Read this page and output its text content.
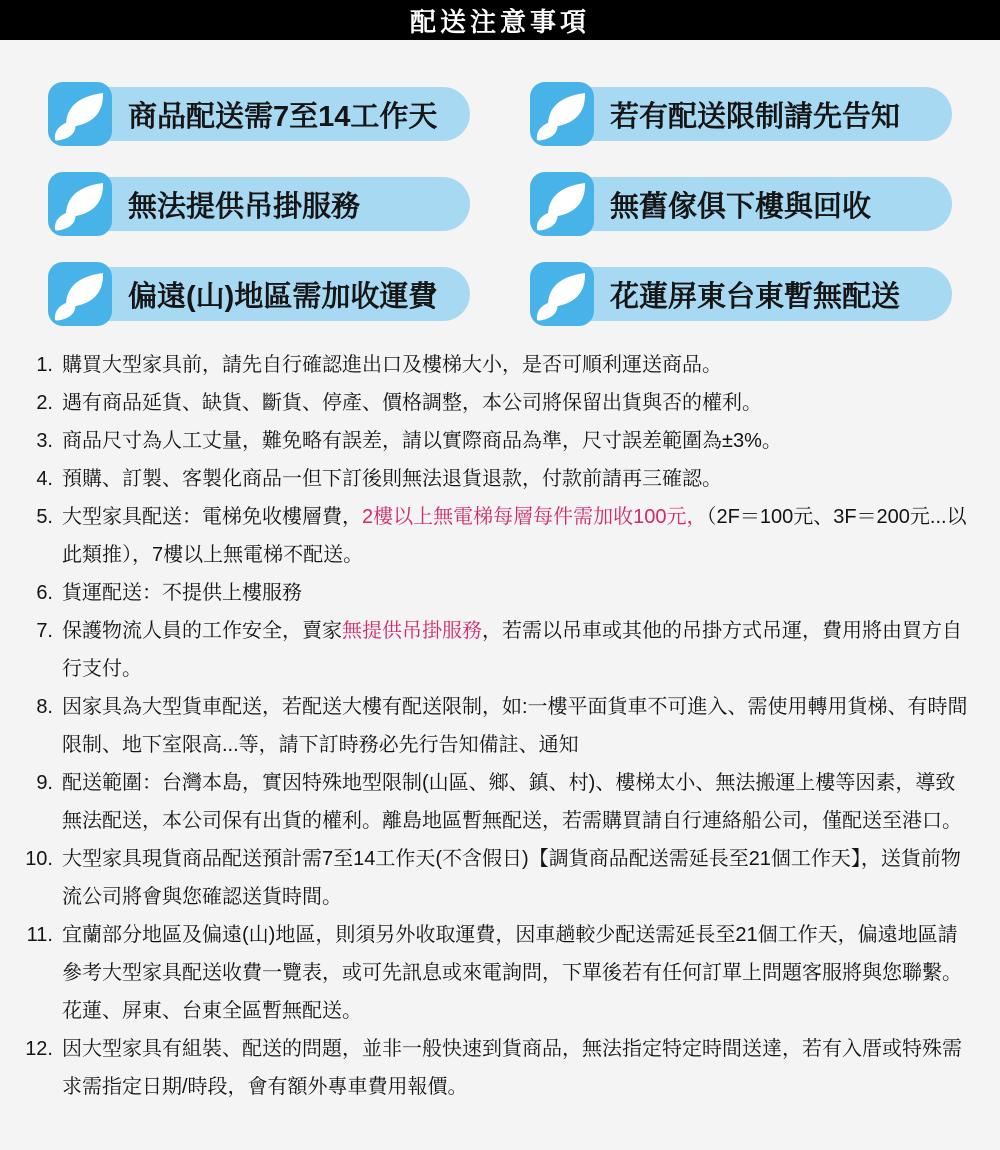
配送注意事項
商品配送需7至14工作天	若有配送限制請先告知
無法提供吊掛服務	無舊傢俱下樓與回收
偏遠(山)地區需加收運費	花蓮屏東台東暫無配送
1. 購買大型家具前，請先自行確認進出口及樓梯大小，是否可順利運送商品。
2. 遇有商品延貨、缺貨、斷貨、停產、價格調整，本公司將保留出貨與否的權利。
3. 商品尺寸為人工丈量，難免略有誤差，請以實際商品為準，尺寸誤差範圍為±3%。
4. 預購、訂製、客製化商品一但下訂後則無法退貨退款，付款前請再三確認。
5. 大型家具配送：電梯免收樓層費，2樓以上無電梯每層每件需加收100元，（2F＝100元、3F＝200元...以此類推），7樓以上無電梯不配送。
6. 貨運配送：不提供上樓服務
7. 保護物流人員的工作安全，賣家無提供吊掛服務，若需以吊車或其他的吊掛方式吊運，費用將由買方自行支付。
8. 因家具為大型貨車配送，若配送大樓有配送限制，如:一樓平面貨車不可進入、需使用轉用貨梯、有時間限制、地下室限高...等，請下訂時務必先行告知備註、通知
9. 配送範圍：台灣本島，實因特殊地型限制(山區、鄉、鎮、村)、樓梯太小、無法搬運上樓等因素，導致無法配送，本公司保有出貨的權利。離島地區暫無配送，若需購買請自行連絡船公司，僅配送至港口。
10. 大型家具現貨商品配送預計需7至14工作天(不含假日)【調貨商品配送需延長至21個工作天】，送貨前物流公司將會與您確認送貨時間。
11. 宜蘭部分地區及偏遠(山)地區，則須另外收取運費，因車趟較少配送需延長至21個工作天，偏遠地區請參考大型家具配送收費一覽表，或可先訊息或來電詢問，下單後若有任何訂單上問題客服將與您聯繫。花蓮、屏東、台東全區暫無配送。
12. 因大型家具有組裝、配送的問題，並非一般快速到貨商品，無法指定特定時間送達，若有入厝或特殊需求需指定日期/時段，會有額外專車費用報價。
